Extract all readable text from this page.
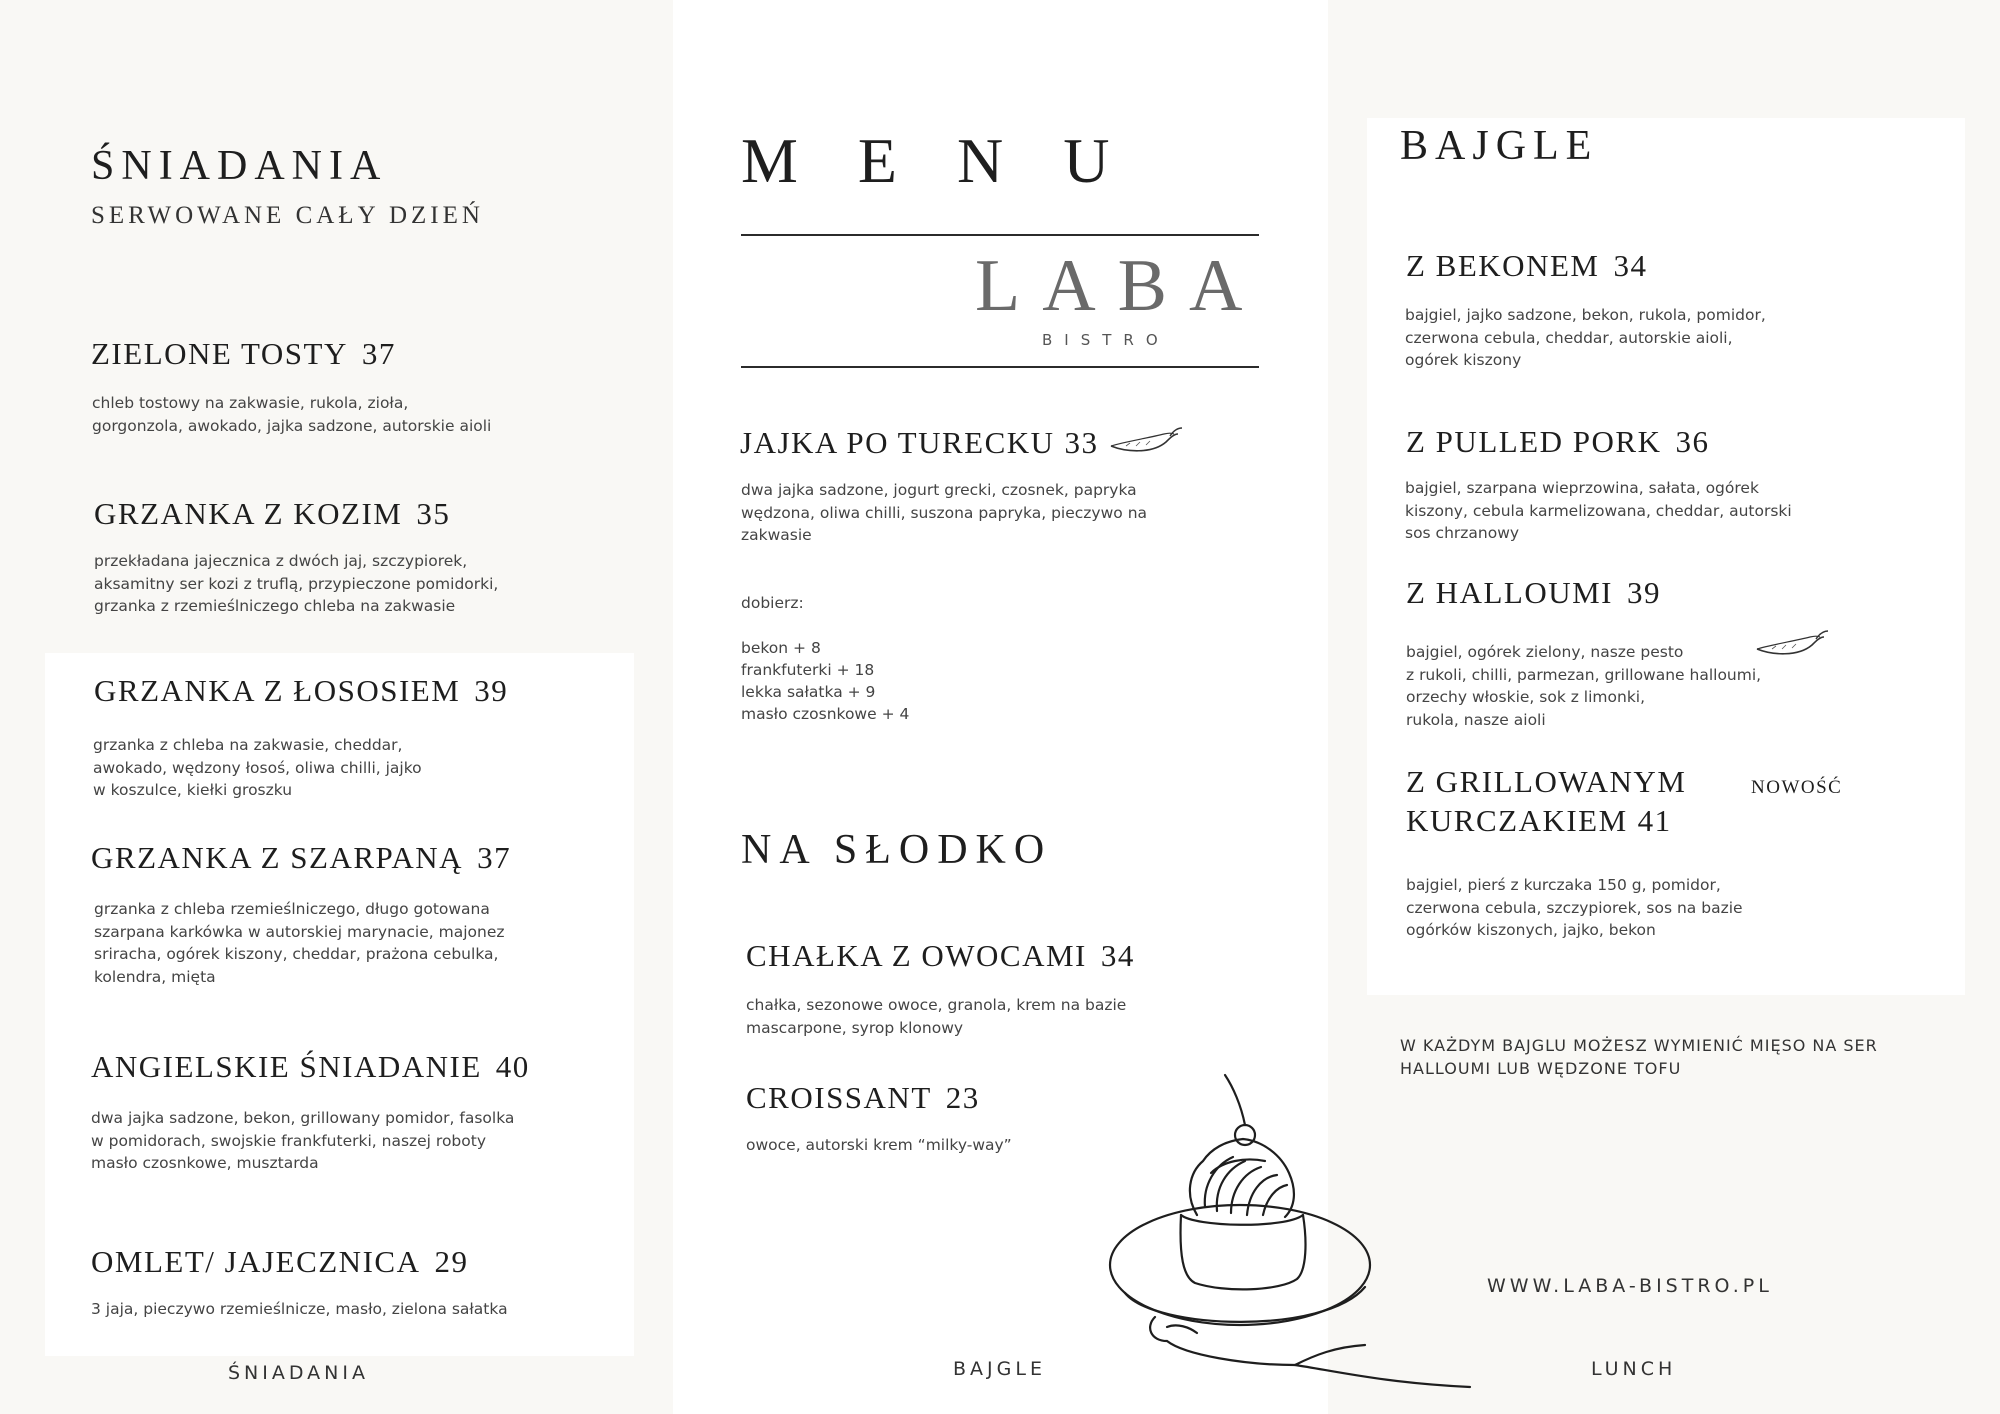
ŚNIADANIA
SERWOWANE CAŁY DZIEŃ
ZIELONE TOSTY 37
chleb tostowy na zakwasie, rukola, zioła,
gorgonzola, awokado, jajka sadzone, autorskie aioli
GRZANKA Z KOZIM 35
przekładana jajecznica z dwóch jaj, szczypiorek,
aksamitny ser kozi z truflą, przypieczone pomidorki,
grzanka z rzemieślniczego chleba na zakwasie
GRZANKA Z ŁOSOSIEM 39
grzanka z chleba na zakwasie, cheddar,
awokado, wędzony łosoś, oliwa chilli, jajko
w koszulce, kiełki groszku
GRZANKA Z SZARPANĄ 37
grzanka z chleba rzemieślniczego, długo gotowana
szarpana karkówka w autorskiej marynacie, majonez
sriracha, ogórek kiszony, cheddar, prażona cebulka,
kolendra, mięta
ANGIELSKIE ŚNIADANIE 40
dwa jajka sadzone, bekon, grillowany pomidor, fasolka
w pomidorach, swojskie frankfuterki, naszej roboty
masło czosnkowe, musztarda
OMLET/ JAJECZNICA 29
3 jaja, pieczywo rzemieślnicze, masło, zielona sałatka
ŚNIADANIA
M E N U
LABA
BISTRO
JAJKA PO TURECKU 33
dwa jajka sadzone, jogurt grecki, czosnek, papryka
wędzona, oliwa chilli, suszona papryka, pieczywo na
zakwasie
dobierz:
bekon + 8
frankfuterki + 18
lekka sałatka + 9
masło czosnkowe + 4
NA SŁODKO
CHAŁKA Z OWOCAMI 34
chałka, sezonowe owoce, granola, krem na bazie
mascarpone, syrop klonowy
CROISSANT 23
owoce, autorski krem “milky-way”
BAJGLE
BAJGLE
Z BEKONEM 34
bajgiel, jajko sadzone, bekon, rukola, pomidor,
czerwona cebula, cheddar, autorskie aioli,
ogórek kiszony
Z PULLED PORK 36
bajgiel, szarpana wieprzowina, sałata, ogórek
kiszony, cebula karmelizowana, cheddar, autorski
sos chrzanowy
Z HALLOUMI 39
bajgiel, ogórek zielony, nasze pesto
z rukoli, chilli, parmezan, grillowane halloumi,
orzechy włoskie, sok z limonki,
rukola, nasze aioli
Z GRILLOWANYM
KURCZAKIEM 41
NOWOŚĆ
bajgiel, pierś z kurczaka 150 g, pomidor,
czerwona cebula, szczypiorek, sos na bazie
ogórków kiszonych, jajko, bekon
W KAŻDYM BAJGLU MOŻESZ WYMIENIĆ MIĘSO NA SER
HALLOUMI LUB WĘDZONE TOFU
WWW.LABA-BISTRO.PL
LUNCH
